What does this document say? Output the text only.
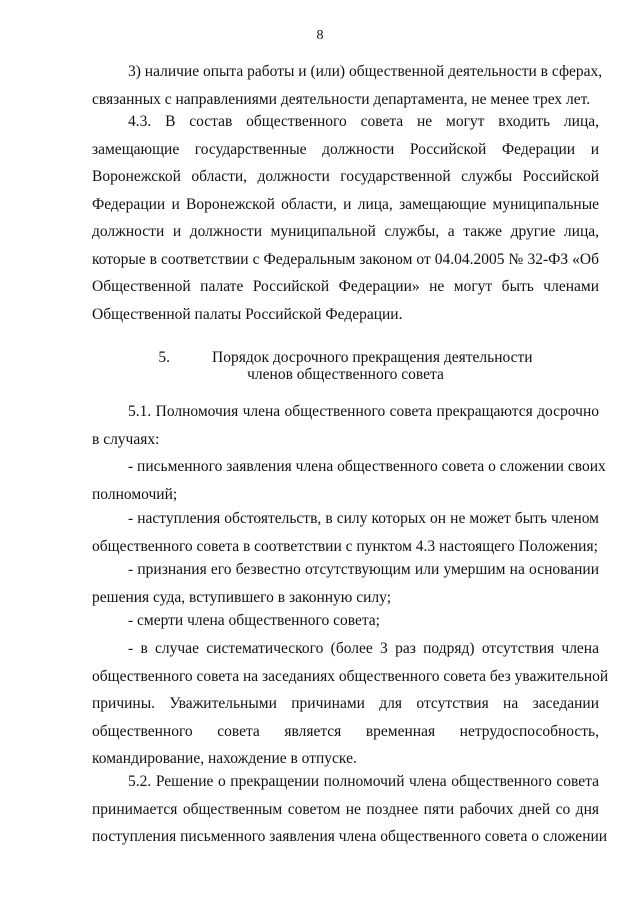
8
3) наличие опыта работы и (или) общественной деятельности в сферах,
связанных с направлениями деятельности департамента, не менее трех лет.
4.3. В состав общественного совета не могут входить лица,
замещающие государственные должности Российской Федерации и
Воронежской области, должности государственной службы Российской
Федерации и Воронежской области, и лица, замещающие муниципальные
должности и должности муниципальной службы, а также другие лица,
которые в соответствии с Федеральным законом от 04.04.2005 № 32-ФЗ «Об
Общественной палате Российской Федерации» не могут быть членами
Общественной палаты Российской Федерации.
5.	Порядок досрочного прекращения деятельности
членов общественного совета
5.1. Полномочия члена общественного совета прекращаются досрочно
в случаях:
- письменного заявления члена общественного совета о сложении своих
полномочий;
- наступления обстоятельств, в силу которых он не может быть членом
общественного совета в соответствии с пунктом 4.3 настоящего Положения;
- признания его безвестно отсутствующим или умершим на основании
решения суда, вступившего в законную силу;
- смерти члена общественного совета;
- в случае систематического (более 3 раз подряд) отсутствия члена
общественного совета на заседаниях общественного совета без уважительной
причины. Уважительными причинами для отсутствия на заседании
общественного совета является временная нетрудоспособность,
командирование, нахождение в отпуске.
5.2. Решение о прекращении полномочий члена общественного совета
принимается общественным советом не позднее пяти рабочих дней со дня
поступления письменного заявления члена общественного совета о сложении
